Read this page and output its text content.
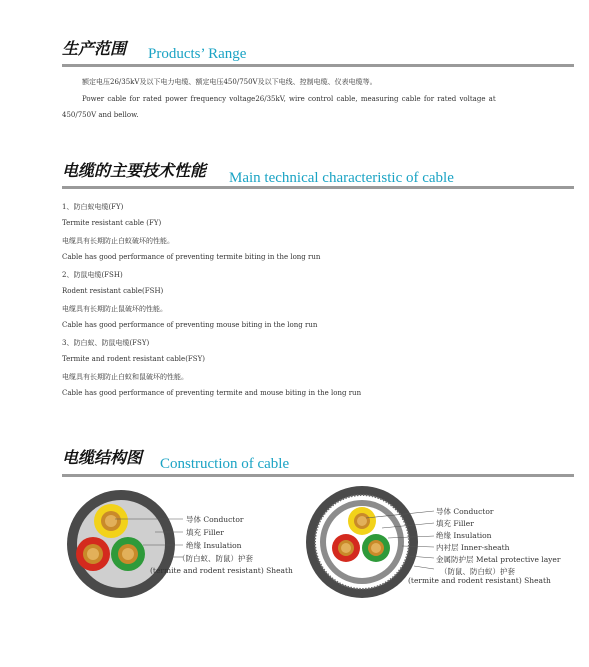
生产范围 Products’ Range
额定电压26/35kV及以下电力电缆、额定电压450/750V及以下电线、控制电缆、仪表电缆等。
Power cable for rated power frequency voltage26/35kV, wire control cable, measuring cable for rated voltage at
450/750V and bellow.
电缆的主要技术性能 Main technical characteristic of cable
1、防白蚁电缆(FY)
Termite resistant cable (FY)
电缆具有长期防止白蚁破坏的性能。
Cable has good performance of preventing termite biting in the long run
2、防鼠电缆(FSH)
Rodent resistant cable(FSH)
电缆具有长期防止鼠破坏的性能。
Cable has good performance of preventing mouse biting in the long run
3、防白蚁、防鼠电缆(FSY)
Termite and rodent resistant cable(FSY)
电缆具有长期防止白蚁和鼠破坏的性能。
Cable has good performance of preventing termite and mouse biting in the long run
电缆结构图 Construction of cable
导体 Conductor
填充 Filler
绝缘 Insulation
（防白蚁、防鼠）护套
(termite and rodent resistant) Sheath
导体 Conductor
填充 Filler
绝缘 Insulation
内衬层 Inner-sheath
金属防护层 Metal protective layer
（防鼠、防白蚁）护套
(termite and rodent resistant) Sheath
